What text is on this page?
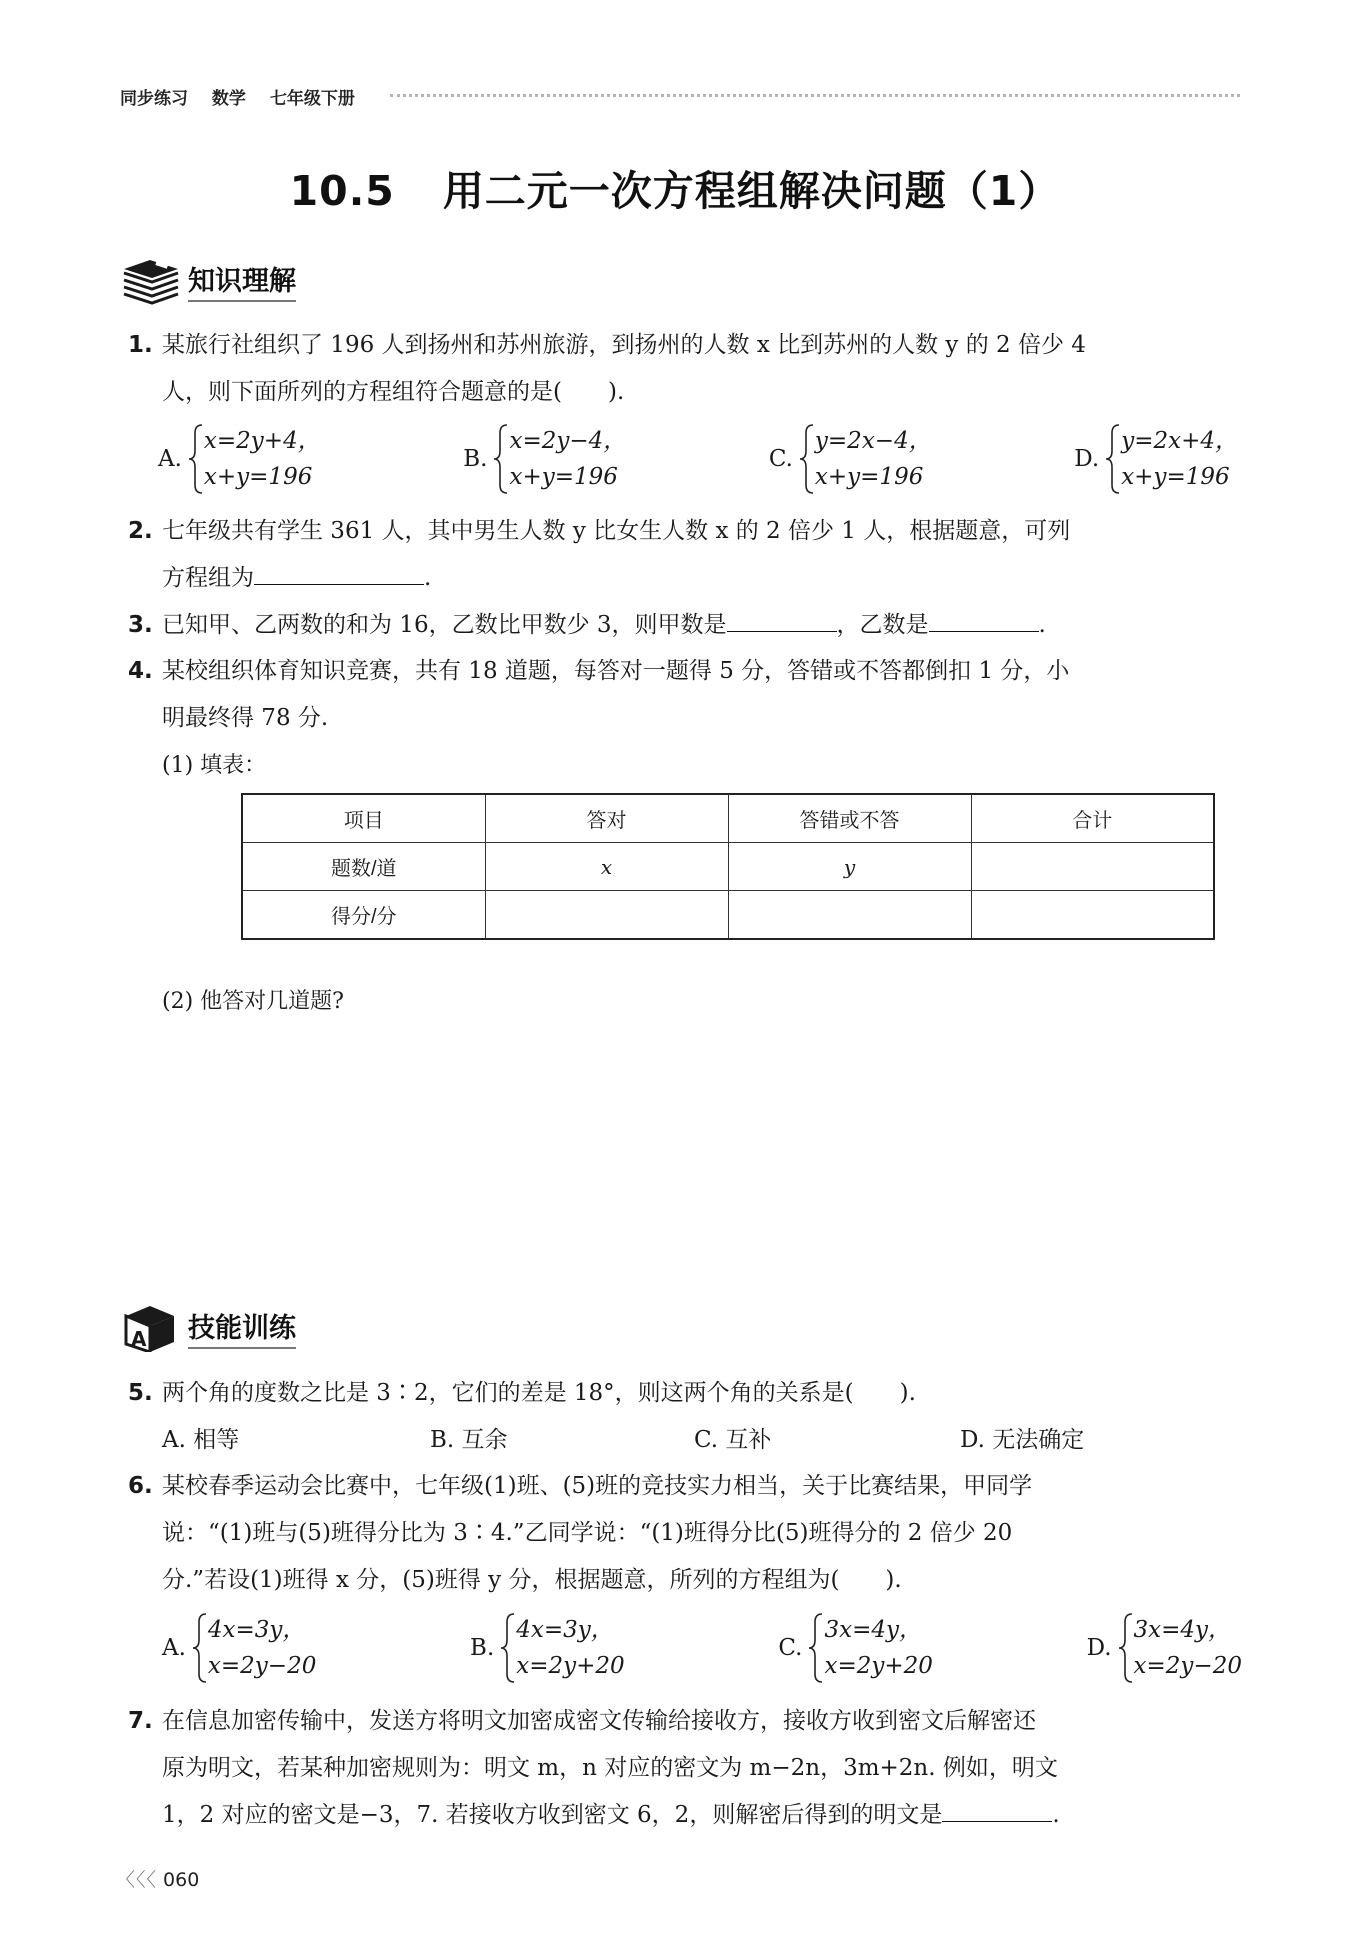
同步练习 数学 七年级下册
10.5 用二元一次方程组解决问题（1）
知识理解
1. 某旅行社组织了 196 人到扬州和苏州旅游，到扬州的人数 x 比到苏州的人数 y 的 2 倍少 4
人，则下面所列的方程组符合题意的是(　　).
A.
x=2y+4，
x+y=196
B.
x=2y−4，
x+y=196
C.
y=2x−4，
x+y=196
D.
y=2x+4，
x+y=196
2. 七年级共有学生 361 人，其中男生人数 y 比女生人数 x 的 2 倍少 1 人，根据题意，可列
方程组为	.
3. 已知甲、乙两数的和为 16，乙数比甲数少 3，则甲数是	，乙数是	.
4. 某校组织体育知识竞赛，共有 18 道题，每答对一题得 5 分，答错或不答都倒扣 1 分，小
明最终得 78 分.
(1) 填表：
项目	答对	答错或不答	合计
题数/道	x	y	
得分/分			
(2) 他答对几道题?
A 技能训练
5. 两个角的度数之比是 3∶2，它们的差是 18°，则这两个角的关系是(　　).
A. 相等	B. 互余	C. 互补	D. 无法确定
6. 某校春季运动会比赛中，七年级(1)班、(5)班的竞技实力相当，关于比赛结果，甲同学
说：“(1)班与(5)班得分比为 3∶4.”乙同学说：“(1)班得分比(5)班得分的 2 倍少 20
分.”若设(1)班得 x 分，(5)班得 y 分，根据题意，所列的方程组为(　　).
A.
4x=3y，
x=2y−20
B.
4x=3y，
x=2y+20
C.
3x=4y，
x=2y+20
D.
3x=4y，
x=2y−20
7. 在信息加密传输中，发送方将明文加密成密文传输给接收方，接收方收到密文后解密还
原为明文，若某种加密规则为：明文 m，n 对应的密文为 m−2n，3m+2n. 例如，明文
1，2 对应的密文是−3，7. 若接收方收到密文 6，2，则解密后得到的明文是	.
〈〈〈 060
